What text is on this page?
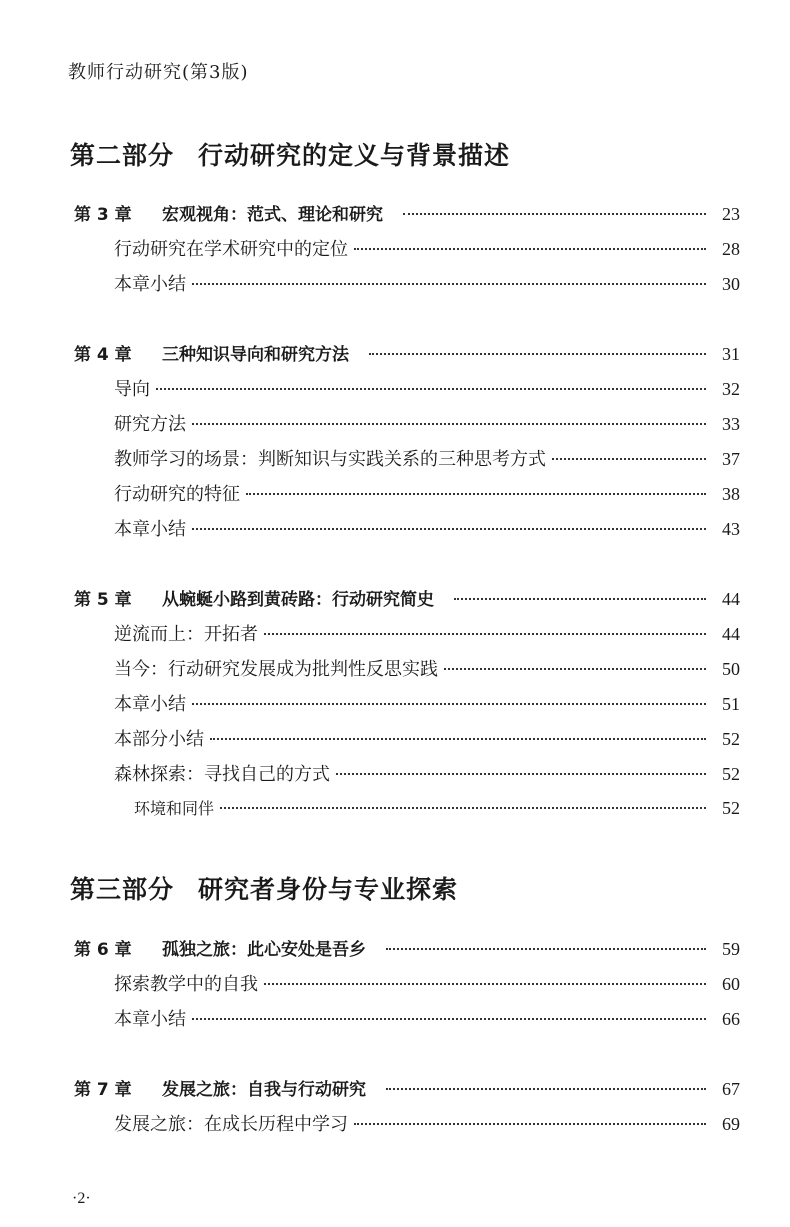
教师行动研究(第3版)
第二部分 行动研究的定义与背景描述
第 3 章 宏观视角：范式、理论和研究	23
行动研究在学术研究中的定位	28
本章小结	30
第 4 章 三种知识导向和研究方法	31
导向	32
研究方法	33
教师学习的场景：判断知识与实践关系的三种思考方式	37
行动研究的特征	38
本章小结	43
第 5 章 从蜿蜒小路到黄砖路：行动研究简史	44
逆流而上：开拓者	44
当今：行动研究发展成为批判性反思实践	50
本章小结	51
本部分小结	52
森林探索：寻找自己的方式	52
环境和同伴	52
第三部分 研究者身份与专业探索
第 6 章 孤独之旅：此心安处是吾乡	59
探索教学中的自我	60
本章小结	66
第 7 章 发展之旅：自我与行动研究	67
发展之旅：在成长历程中学习	69
·2·
